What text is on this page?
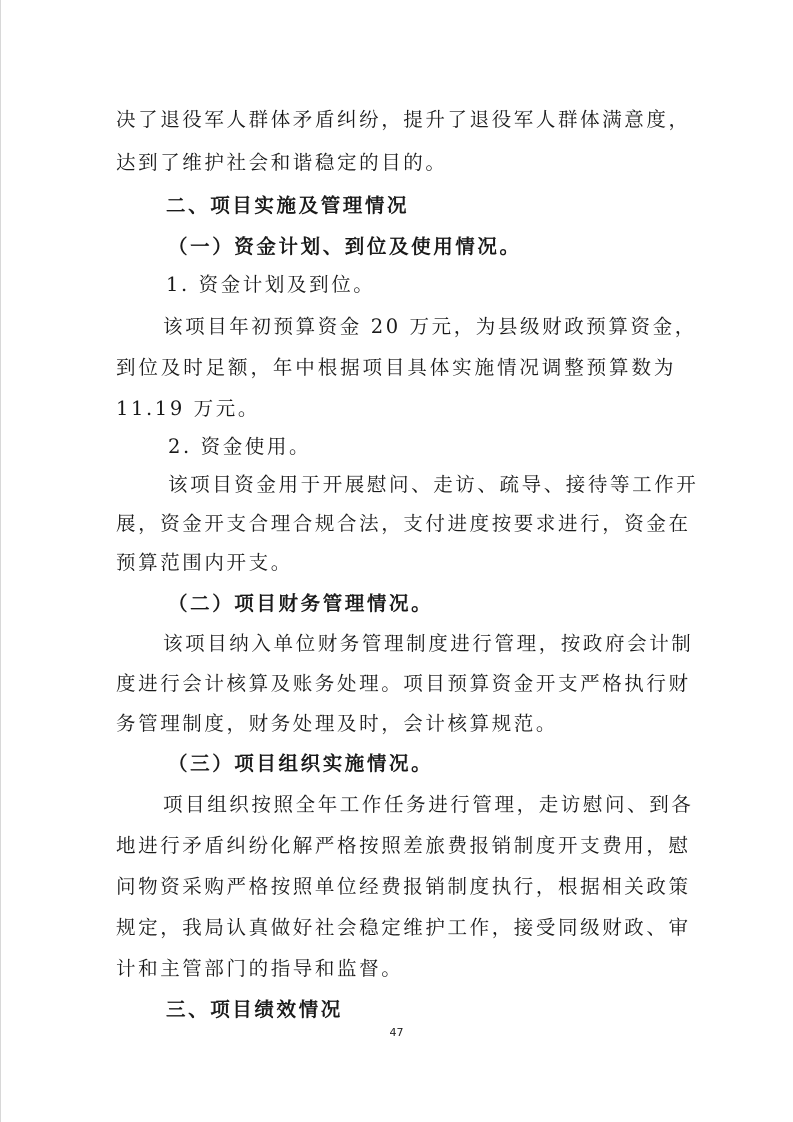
决了退役军人群体矛盾纠纷，提升了退役军人群体满意度，
达到了维护社会和谐稳定的目的。
二、项目实施及管理情况
（一）资金计划、到位及使用情况。
1. 资金计划及到位。
该项目年初预算资金 20 万元，为县级财政预算资金，
到位及时足额，年中根据项目具体实施情况调整预算数为
11.19 万元。
2. 资金使用。
该项目资金用于开展慰问、走访、疏导、接待等工作开
展，资金开支合理合规合法，支付进度按要求进行，资金在
预算范围内开支。
（二）项目财务管理情况。
该项目纳入单位财务管理制度进行管理，按政府会计制
度进行会计核算及账务处理。项目预算资金开支严格执行财
务管理制度，财务处理及时，会计核算规范。
（三）项目组织实施情况。
项目组织按照全年工作任务进行管理，走访慰问、到各
地进行矛盾纠纷化解严格按照差旅费报销制度开支费用，慰
问物资采购严格按照单位经费报销制度执行，根据相关政策
规定，我局认真做好社会稳定维护工作，接受同级财政、审
计和主管部门的指导和监督。
三、项目绩效情况
47
